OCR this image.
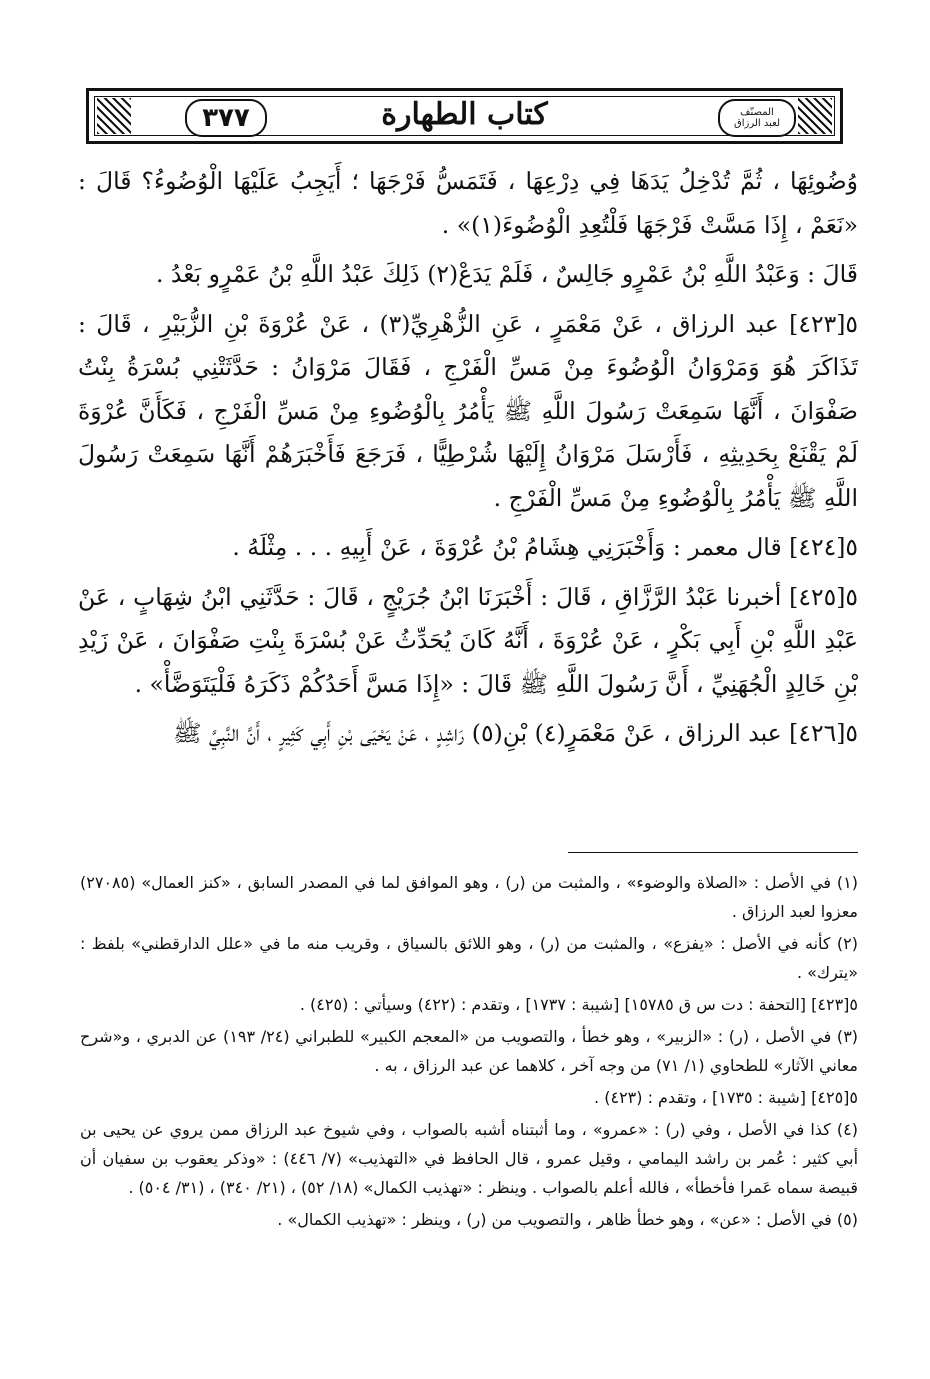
٣٧٧	كتاب الطهارة	المصنّف
لعبد الرزاق

وُضُوئِهَا ، ثُمَّ تُدْخِلُ يَدَهَا فِي دِرْعِهَا ، فَتَمَسُّ فَرْجَهَا ؛ أَيَجِبُ عَلَيْهَا الْوُضُوءُ؟ قَالَ : «نَعَمْ ، إِذَا مَسَّتْ فَرْجَهَا فَلْتُعِدِ الْوُضُوءَ(١)» .

قَالَ : وَعَبْدُ اللَّهِ بْنُ عَمْرٍو جَالِسٌ ، فَلَمْ يَدَعْ(٢) ذَلِكَ عَبْدُ اللَّهِ بْنُ عَمْرٍو بَعْدُ .

٥[٤٢٣] عبد الرزاق ، عَنْ مَعْمَرٍ ، عَنِ الزُّهْرِيِّ(٣) ، عَنْ عُرْوَةَ بْنِ الزُّبَيْرِ ، قَالَ : تَذَاكَرَ هُوَ وَمَرْوَانُ الْوُضُوءَ مِنْ مَسِّ الْفَرْجِ ، فَقَالَ مَرْوَانُ : حَدَّثَتْنِي بُسْرَةُ بِنْتُ صَفْوَانَ ، أَنَّهَا سَمِعَتْ رَسُولَ اللَّهِ ﷺ يَأْمُرُ بِالْوُضُوءِ مِنْ مَسِّ الْفَرْجِ ، فَكَأَنَّ عُرْوَةَ لَمْ يَقْنَعْ بِحَدِيثِهِ ، فَأَرْسَلَ مَرْوَانُ إِلَيْهَا شُرْطِيًّا ، فَرَجَعَ فَأَخْبَرَهُمْ أَنَّهَا سَمِعَتْ رَسُولَ اللَّهِ ﷺ يَأْمُرُ بِالْوُضُوءِ مِنْ مَسِّ الْفَرْجِ .

٥[٤٢٤] قال معمر : وَأَخْبَرَنِي هِشَامُ بْنُ عُرْوَةَ ، عَنْ أَبِيهِ . . . مِثْلَهُ .

٥[٤٢٥] أخبرنا عَبْدُ الرَّزَّاقِ ، قَالَ : أَخْبَرَنَا ابْنُ جُرَيْجٍ ، قَالَ : حَدَّثَنِي ابْنُ شِهَابٍ ، عَنْ عَبْدِ اللَّهِ بْنِ أَبِي بَكْرٍ ، عَنْ عُرْوَةَ ، أَنَّهُ كَانَ يُحَدِّثُ عَنْ بُسْرَةَ بِنْتِ صَفْوَانَ ، عَنْ زَيْدِ بْنِ خَالِدٍ الْجُهَنِيِّ ، أَنَّ رَسُولَ اللَّهِ ﷺ قَالَ : «إِذَا مَسَّ أَحَدُكُمْ ذَكَرَهُ فَلْيَتَوَضَّأْ» .

٥[٤٢٦] عبد الرزاق ، عَنْ مَعْمَرٍ(٤) بْنِ(٥) رَاشِدٍ ، عَنْ يَحْيَى بْنِ أَبِي كَثِيرٍ ، أَنَّ النَّبِيَّ ﷺ

(١) في الأصل : «الصلاة والوضوء» ، والمثبت من (ر) ، وهو الموافق لما في المصدر السابق ، «كنز العمال» (٢٧٠٨٥) معزوا لعبد الرزاق .

(٢) كأنه في الأصل : «يفزع» ، والمثبت من (ر) ، وهو اللائق بالسياق ، وقريب منه ما في «علل الدارقطني» بلفظ : «يترك» .

٥[٤٢٣] [التحفة : دت س ق ١٥٧٨٥] [شيبة : ١٧٣٧] ، وتقدم : (٤٢٢) وسيأتي : (٤٢٥) .

(٣) في الأصل ، (ر) : «الزبير» ، وهو خطأ ، والتصويب من «المعجم الكبير» للطبراني (٢٤/ ١٩٣) عن الدبري ، و«شرح معاني الآثار» للطحاوي (١/ ٧١) من وجه آخر ، كلاهما عن عبد الرزاق ، به .

٥[٤٢٥] [شيبة : ١٧٣٥] ، وتقدم : (٤٢٣) .

(٤) كذا في الأصل ، وفي (ر) : «عمرو» ، وما أثبتناه أشبه بالصواب ، وفي شيوخ عبد الرزاق ممن يروي عن يحيى بن أبي كثير : عُمر بن راشد اليمامي ، وقيل عمرو ، قال الحافظ في «التهذيب» (٧/ ٤٤٦) : «وذكر يعقوب بن سفيان أن قبيصة سماه عَمرا فأخطأ» ، فالله أعلم بالصواب . وينظر : «تهذيب الكمال» (١٨/ ٥٢) ، (٢١/ ٣٤٠) ، (٣١/ ٥٠٤) .

(٥) في الأصل : «عن» ، وهو خطأ ظاهر ، والتصويب من (ر) ، وينظر : «تهذيب الكمال» .
